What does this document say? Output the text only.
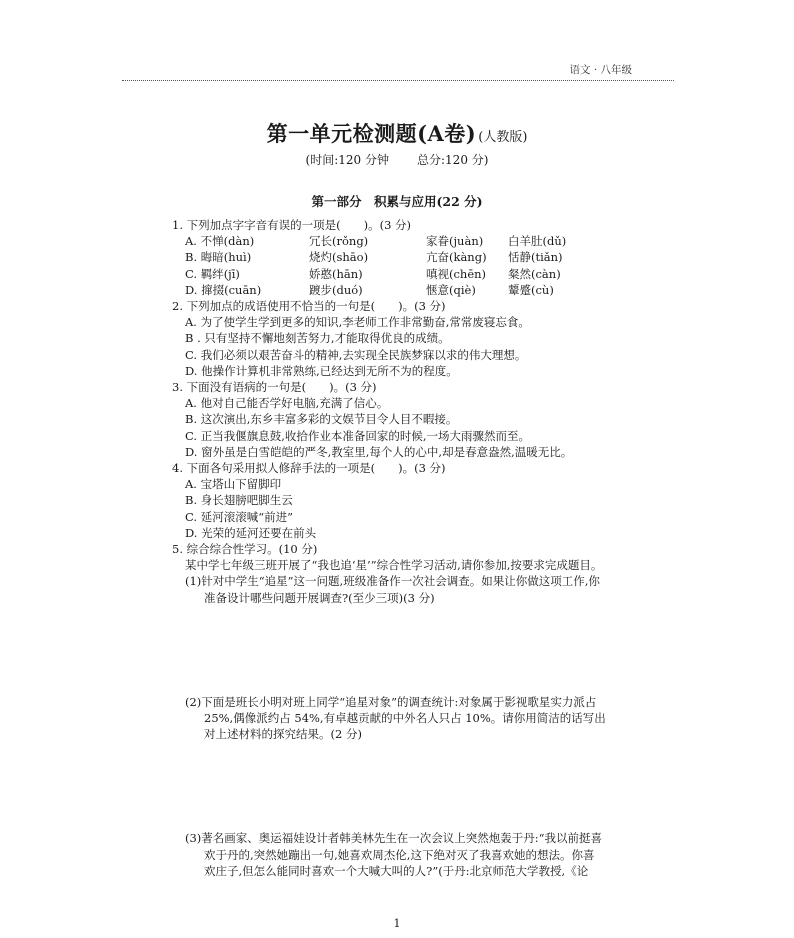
语文 · 八年级
第一单元检测题(A卷) (人教版)
(时间:120 分钟 总分:120 分)
第一部分　积累与应用(22 分)

1. 下列加点字字音有误的一项是(　　)。(3 分)

A. 不惮(dàn)	冗长(rǒng)	家眷(juàn)	白羊肚(dǔ)
B. 晦暗(huì)	烧灼(shāo)	亢奋(kàng)	恬静(tiǎn)
C. 羁绊(jī)	娇憨(hān)	嗔视(chēn)	粲然(càn)
D. 撺掇(cuān)	踱步(duó)	惬意(qiè)	颦蹙(cù)

2. 下列加点的成语使用不恰当的一句是(　　)。(3 分)

A. 为了使学生学到更多的知识,李老师工作非常勤奋,常常废寝忘食。

B . 只有坚持不懈地刻苦努力,才能取得优良的成绩。

C. 我们必须以艰苦奋斗的精神,去实现全民族梦寐以求的伟大理想。

D. 他操作计算机非常熟练,已经达到无所不为的程度。

3. 下面没有语病的一句是(　　)。(3 分)

A. 他对自己能否学好电脑,充满了信心。

B. 这次演出,东乡丰富多彩的文娱节目令人目不暇接。

C. 正当我偃旗息鼓,收拾作业本准备回家的时候,一场大雨骤然而至。

D. 窗外虽是白雪皑皑的严冬,教室里,每个人的心中,却是春意盎然,温暖无比。

4. 下面各句采用拟人修辞手法的一项是(　　)。(3 分)

A. 宝塔山下留脚印

B. 身长翅膀吧脚生云

C. 延河滚滚喊“前进”

D. 光荣的延河还要在前头

5. 综合综合性学习。(10 分)

某中学七年级三班开展了“我也追‘星’”综合性学习活动,请你参加,按要求完成题目。

(1)针对中学生“追星”这一问题,班级准备作一次社会调查。如果让你做这项工作,你

准备设计哪些问题开展调查?(至少三项)(3 分)

(2)下面是班长小明对班上同学“追星对象”的调查统计:对象属于影视歌星实力派占

25%,偶像派约占 54%,有卓越贡献的中外名人只占 10%。请你用简洁的话写出

对上述材料的探究结果。(2 分)

(3)著名画家、奥运福娃设计者韩美林先生在一次会议上突然炮轰于丹:“我以前挺喜

欢于丹的,突然她蹦出一句,她喜欢周杰伦,这下绝对灭了我喜欢她的想法。你喜

欢庄子,但怎么能同时喜欢一个大喊大叫的人?”(于丹:北京师范大学教授,《论

1
